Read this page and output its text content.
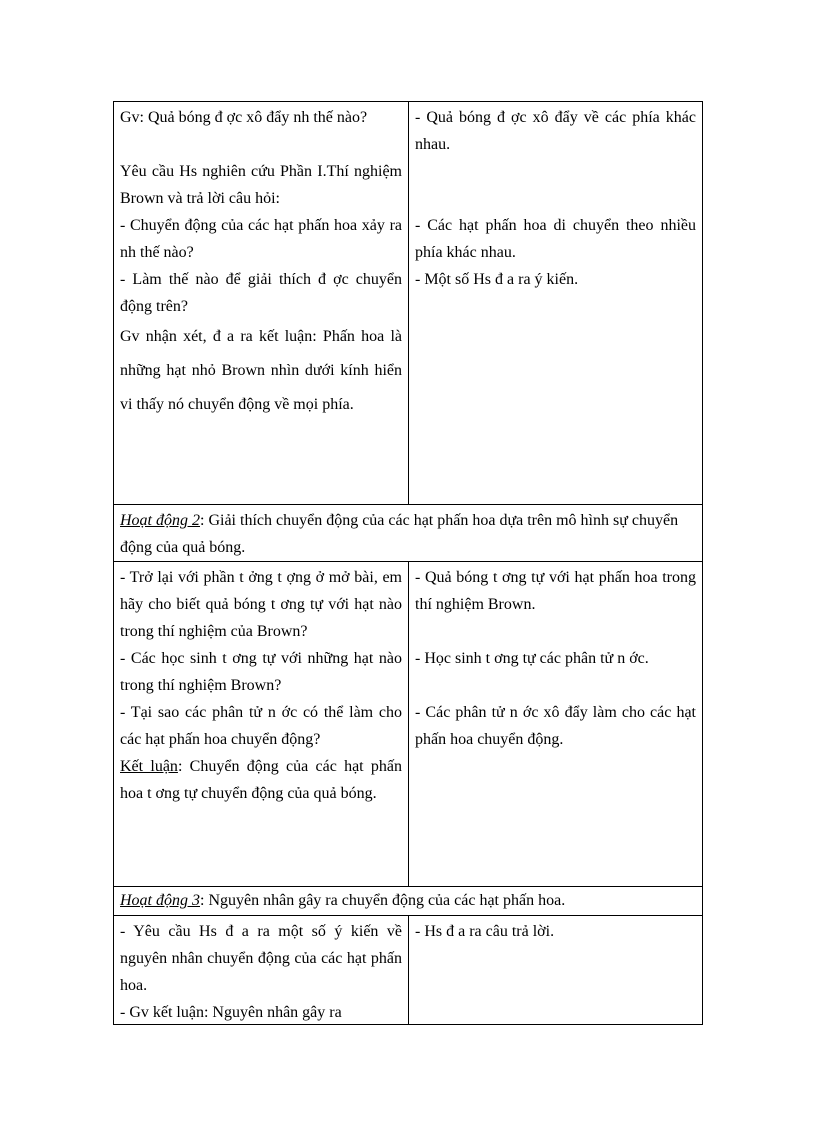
Gv: Quả bóng đ ợc xô đẩy nh thế nào?

Yêu cầu Hs nghiên cứu Phần I.Thí nghiệm Brown và trả lời câu hỏi:

- Chuyển động của các hạt phấn hoa xảy ra nh thế nào?

- Làm thế nào để giải thích đ ợc chuyển động trên?

Gv nhận xét, đ a ra kết luận: Phấn hoa là những hạt nhỏ Brown nhìn dưới kính hiển vi thấy nó chuyển động về mọi phía.

- Quả bóng đ ợc xô đẩy về các phía khác nhau.

- Các hạt phấn hoa di chuyển theo nhiều phía khác nhau.

- Một số Hs đ a ra ý kiến.

Hoạt động 2: Giải thích chuyển động của các hạt phấn hoa dựa trên mô hình sự chuyển động của quả bóng.

- Trở lại với phần t ởng t ợng ở mở bài, em hãy cho biết quả bóng t ơng tự với hạt nào trong thí nghiệm của Brown?

- Các học sinh t ơng tự với những hạt nào trong thí nghiệm Brown?

- Tại sao các phân tử n ớc có thể làm cho các hạt phấn hoa chuyển động?

Kết luận: Chuyển động của các hạt phấn hoa t ơng tự chuyển động của quả bóng.

- Quả bóng t ơng tự với hạt phấn hoa trong thí nghiệm Brown.

- Học sinh t ơng tự các phân tử n ớc.

- Các phân tử n ớc xô đẩy làm cho các hạt phấn hoa chuyển động.

Hoạt động 3: Nguyên nhân gây ra chuyển động của các hạt phấn hoa.

- Yêu cầu Hs đ a ra một số ý kiến về nguyên nhân chuyển động của các hạt phấn hoa.

- Gv kết luận: Nguyên nhân gây ra

- Hs đ a ra câu trả lời.
